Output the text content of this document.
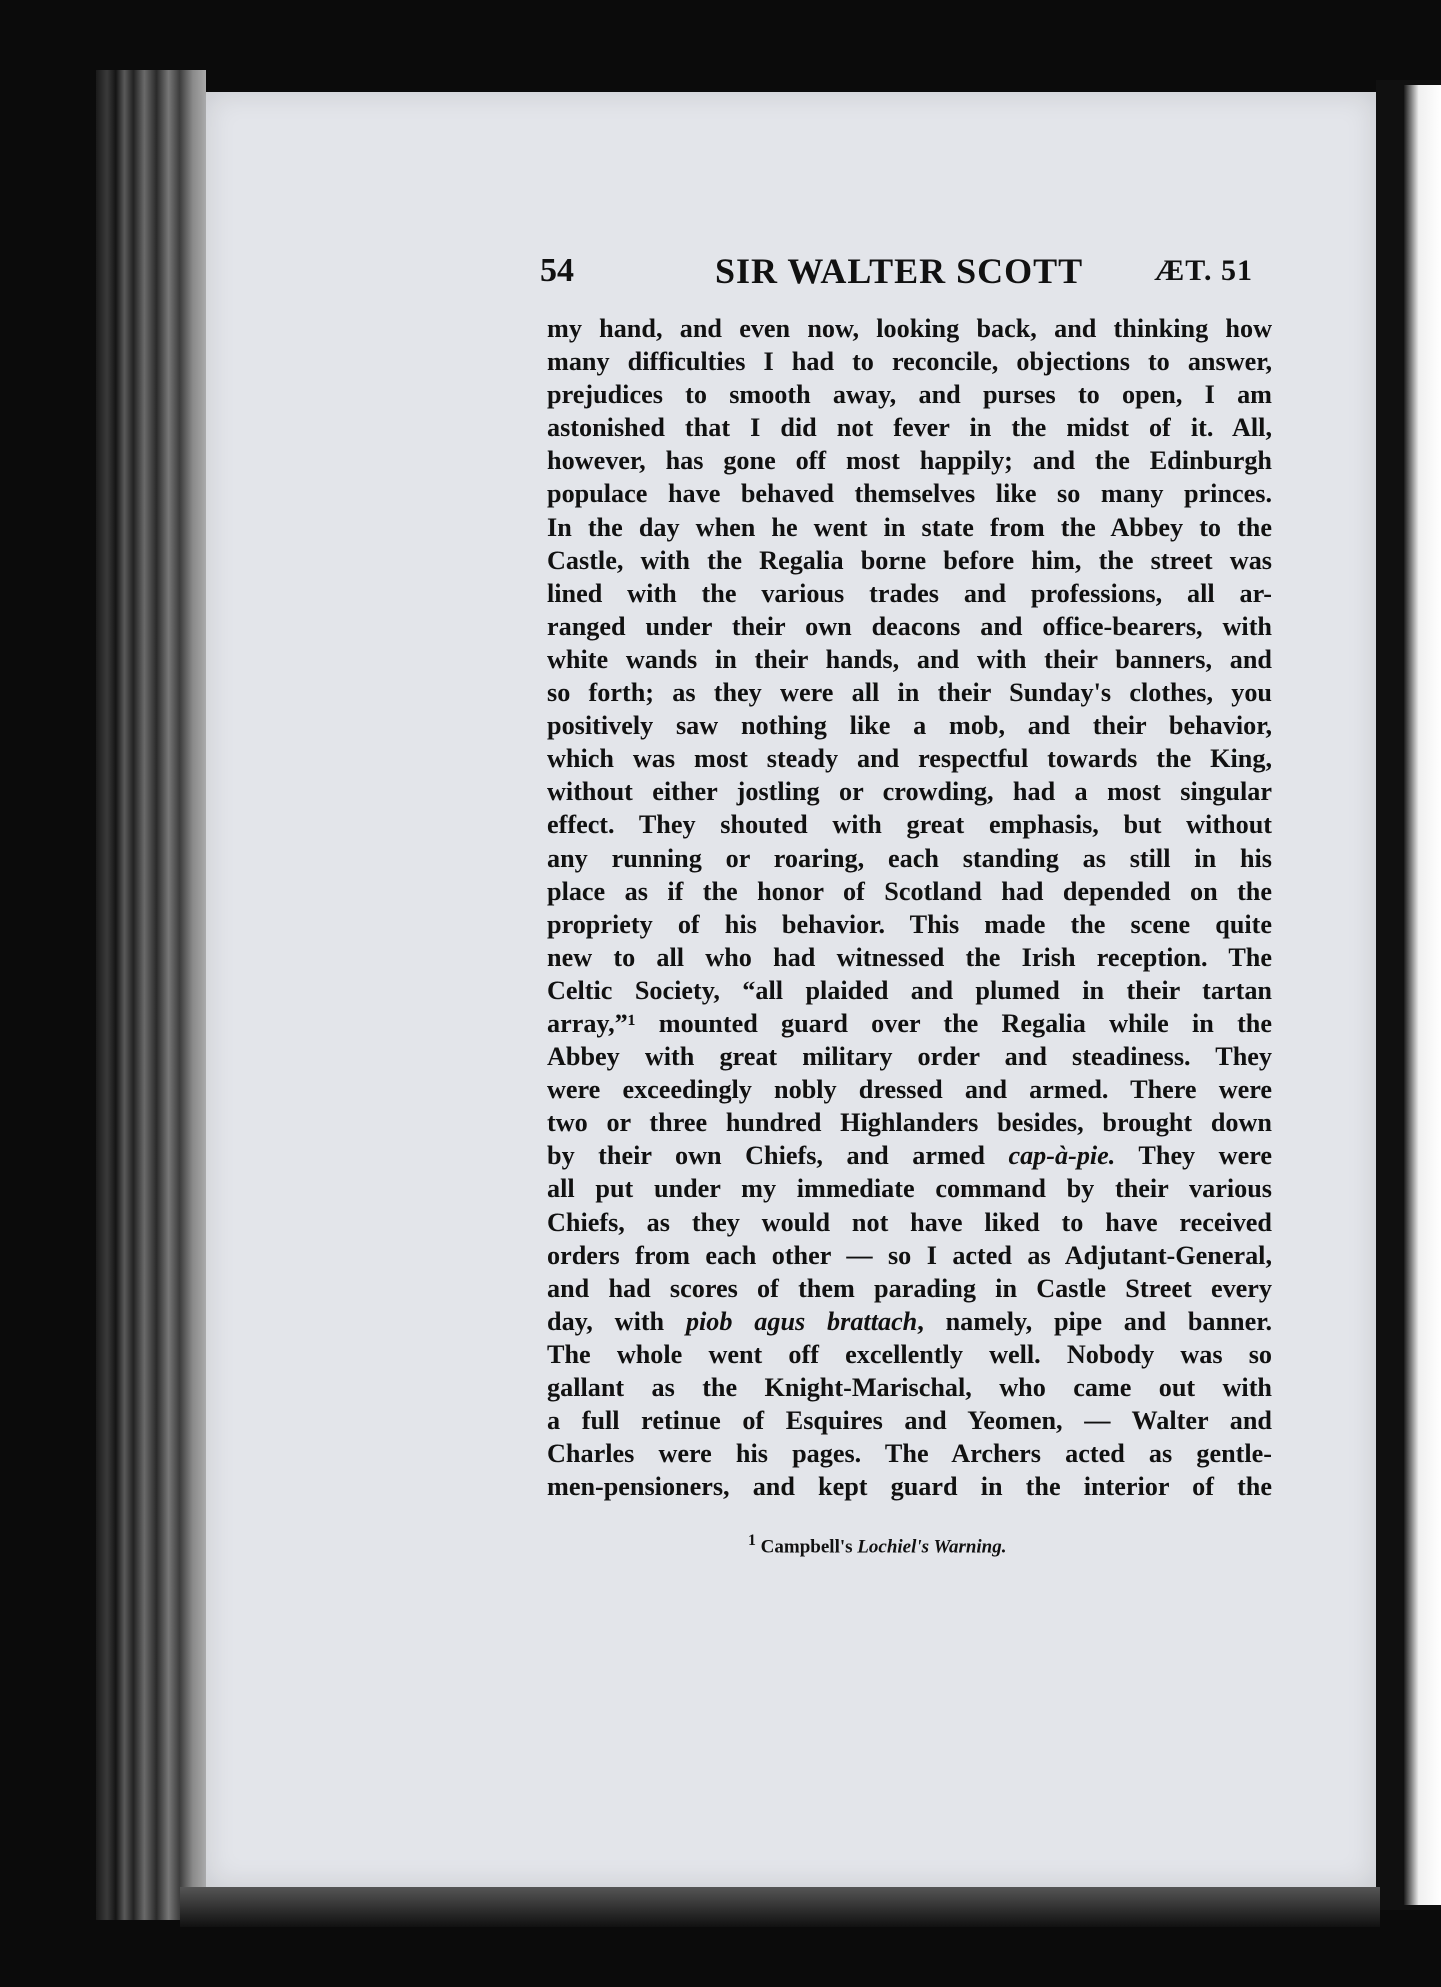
54	SIR WALTER SCOTT ÆT. 51
my hand, and even now, looking back, and thinking how
many difficulties I had to reconcile, objections to answer,
prejudices to smooth away, and purses to open, I am
astonished that I did not fever in the midst of it. All,
however, has gone off most happily; and the Edinburgh
populace have behaved themselves like so many princes.
In the day when he went in state from the Abbey to the
Castle, with the Regalia borne before him, the street was
lined with the various trades and professions, all ar-
ranged under their own deacons and office-bearers, with
white wands in their hands, and with their banners, and
so forth; as they were all in their Sunday's clothes, you
positively saw nothing like a mob, and their behavior,
which was most steady and respectful towards the King,
without either jostling or crowding, had a most singular
effect. They shouted with great emphasis, but without
any running or roaring, each standing as still in his
place as if the honor of Scotland had depended on the
propriety of his behavior. This made the scene quite
new to all who had witnessed the Irish reception. The
Celtic Society, “all plaided and plumed in their tartan
array,”¹ mounted guard over the Regalia while in the
Abbey with great military order and steadiness. They
were exceedingly nobly dressed and armed. There were
two or three hundred Highlanders besides, brought down
by their own Chiefs, and armed cap-à-pie. They were
all put under my immediate command by their various
Chiefs, as they would not have liked to have received
orders from each other — so I acted as Adjutant-General,
and had scores of them parading in Castle Street every
day, with piob agus brattach, namely, pipe and banner.
The whole went off excellently well. Nobody was so
gallant as the Knight-Marischal, who came out with
a full retinue of Esquires and Yeomen, — Walter and
Charles were his pages. The Archers acted as gentle-
men-pensioners, and kept guard in the interior of the
$^1$ Campbell's Lochiel's Warning.
